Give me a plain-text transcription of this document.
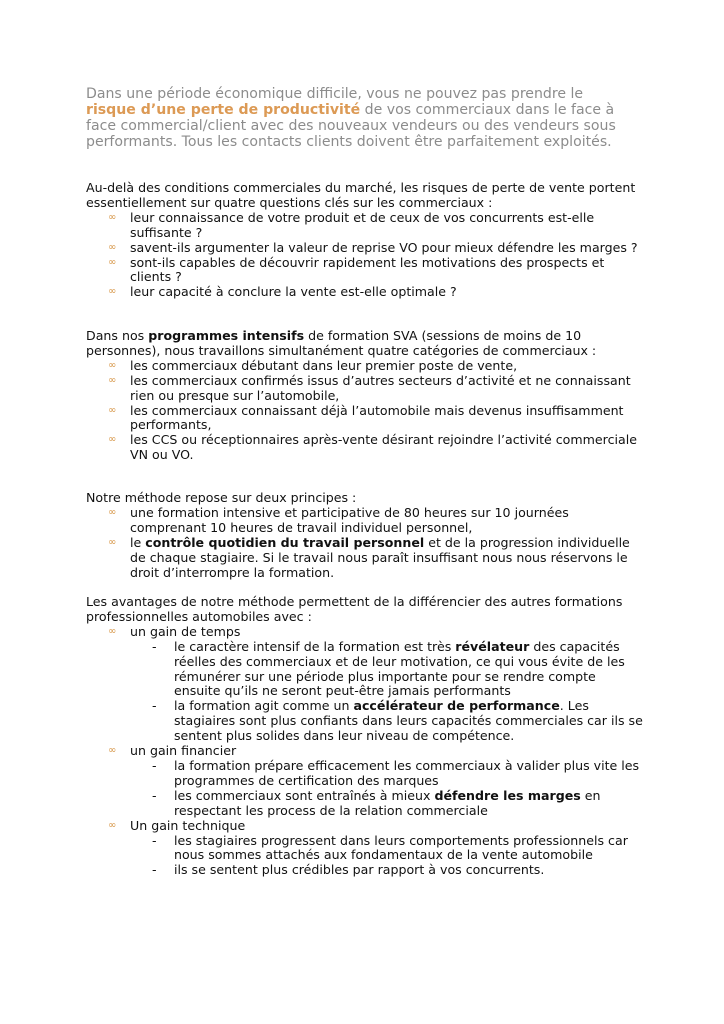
Dans une période économique difficile, vous ne pouvez pas prendre le risque d’une perte de productivité de vos commerciaux dans le face à face commercial/client avec des nouveaux vendeurs ou des vendeurs sous performants. Tous les contacts clients doivent être parfaitement exploités.
Au-delà des conditions commerciales du marché, les risques de perte de vente portent essentiellement sur quatre questions clés sur les commerciaux :
∞	leur connaissance de votre produit et de ceux de vos concurrents est-elle suffisante ?
∞	savent-ils argumenter la valeur de reprise VO pour mieux défendre les marges ?
∞	sont-ils capables de découvrir rapidement les motivations des prospects et clients ?
∞	leur capacité à conclure la vente est-elle optimale ?
Dans nos programmes intensifs de formation SVA (sessions de moins de 10 personnes), nous travaillons simultanément quatre catégories de commerciaux :
∞	les commerciaux débutant dans leur premier poste de vente,
∞	les commerciaux confirmés issus d’autres secteurs d’activité et ne connaissant rien ou presque sur l’automobile,
∞	les commerciaux connaissant déjà l’automobile mais devenus insuffisamment performants,
∞	les CCS ou réceptionnaires après-vente désirant rejoindre l’activité commerciale VN ou VO.
Notre méthode repose sur deux principes :
∞	une formation intensive et participative de 80 heures sur 10 journées comprenant 10 heures de travail individuel personnel,
∞	le contrôle quotidien du travail personnel et de la progression individuelle de chaque stagiaire. Si le travail nous paraît insuffisant nous nous réservons le droit d’interrompre la formation.
Les avantages de notre méthode permettent de la différencier des autres formations professionnelles automobiles avec :
∞	un gain de temps
- le caractère intensif de la formation est très révélateur des capacités réelles des commerciaux et de leur motivation, ce qui vous évite de les rémunérer sur une période plus importante pour se rendre compte ensuite qu’ils ne seront peut-être jamais performants
- la formation agit comme un accélérateur de performance. Les stagiaires sont plus confiants dans leurs capacités commerciales car ils se sentent plus solides dans leur niveau de compétence.
∞	un gain financier
- la formation prépare efficacement les commerciaux à valider plus vite les programmes de certification des marques
- les commerciaux sont entraînés à mieux défendre les marges en respectant les process de la relation commerciale
∞	Un gain technique
- les stagiaires progressent dans leurs comportements professionnels car nous sommes attachés aux fondamentaux de la vente automobile
- ils se sentent plus crédibles par rapport à vos concurrents.
